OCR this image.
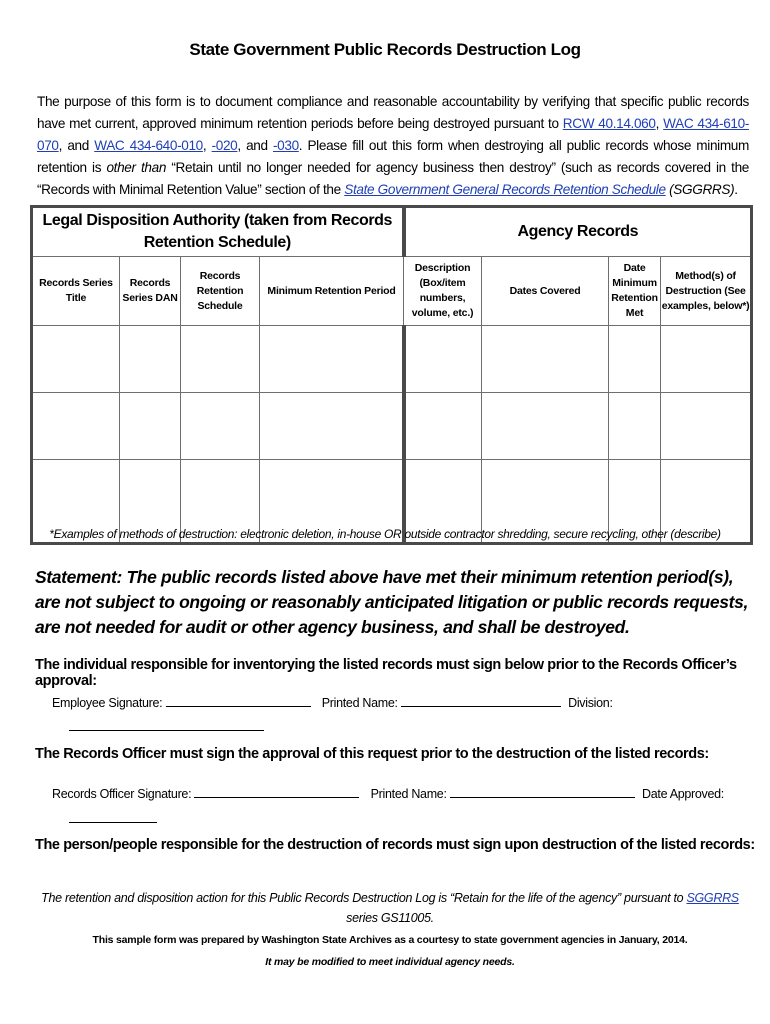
State Government Public Records Destruction Log
The purpose of this form is to document compliance and reasonable accountability by verifying that specific public records have met current, approved minimum retention periods before being destroyed pursuant to RCW 40.14.060, WAC 434-610-070, and WAC 434-640-010, -020, and -030. Please fill out this form when destroying all public records whose minimum retention is other than “Retain until no longer needed for agency business then destroy” (such as records covered in the “Records with Minimal Retention Value” section of the State Government General Records Retention Schedule (SGGRRS).
Legal Disposition Authority (taken from Records Retention Schedule)				Agency Records			
Records Series Title	Records Series DAN	Records Retention Schedule	Minimum Retention Period	Description (Box/item numbers, volume, etc.)	Dates Covered	Date Minimum Retention Met	Method(s) of Destruction (See examples, below*)

*Examples of methods of destruction: electronic deletion, in-house OR outside contractor shredding, secure recycling, other (describe)
Statement: The public records listed above have met their minimum retention period(s), are not subject to ongoing or reasonably anticipated litigation or public records requests, are not needed for audit or other agency business, and shall be destroyed.
The individual responsible for inventorying the listed records must sign below prior to the Records Officer’s approval:
Employee Signature:	Printed Name:	Division:
The Records Officer must sign the approval of this request prior to the destruction of the listed records:
Records Officer Signature:	Printed Name:	Date Approved:
The person/people responsible for the destruction of records must sign upon destruction of the listed records:
The retention and disposition action for this Public Records Destruction Log is “Retain for the life of the agency” pursuant to SGGRRS series GS11005.
This sample form was prepared by Washington State Archives as a courtesy to state government agencies in January, 2014.
It may be modified to meet individual agency needs.
